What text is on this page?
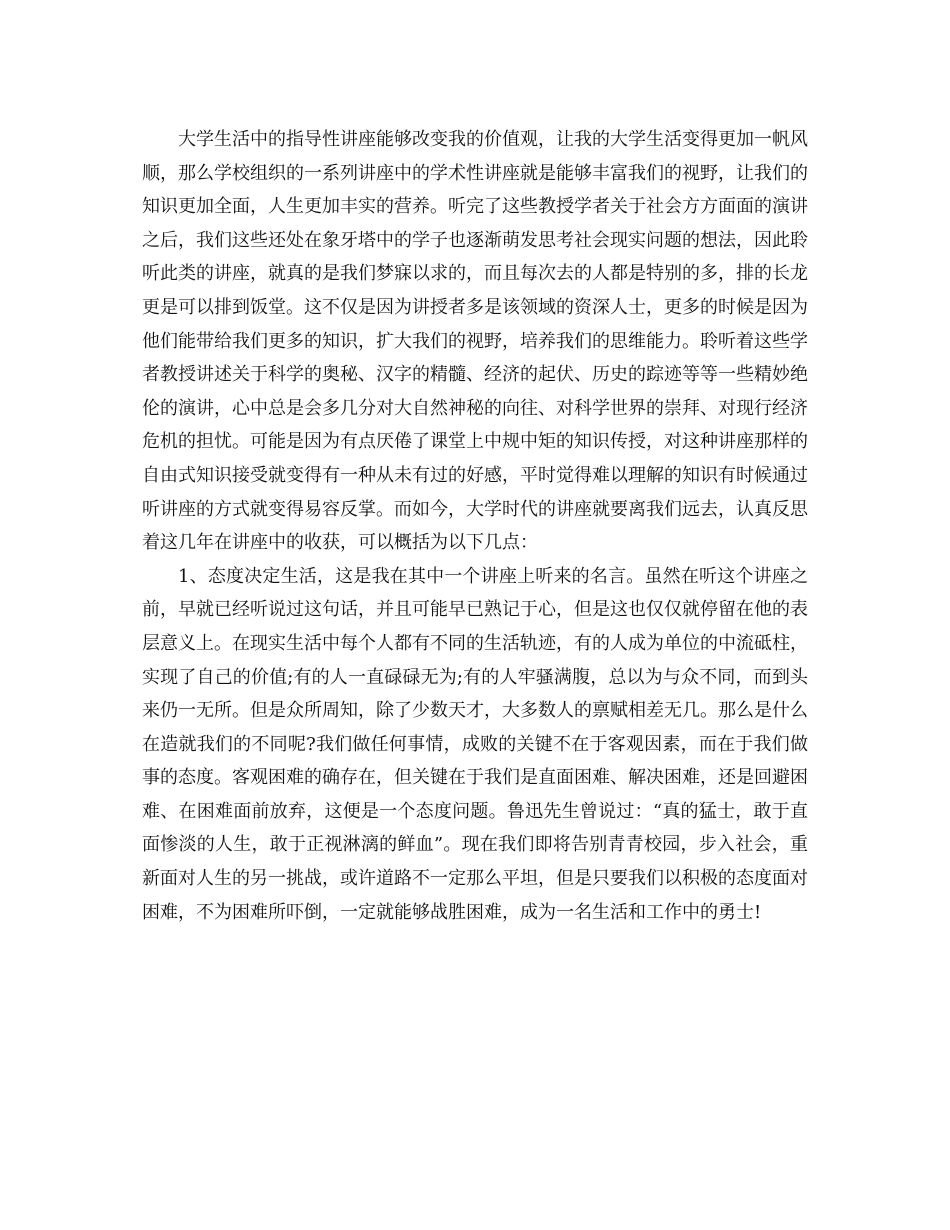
大学生活中的指导性讲座能够改变我的价值观，让我的大学生活变得更加一帆风顺，那么学校组织的一系列讲座中的学术性讲座就是能够丰富我们的视野，让我们的知识更加全面，人生更加丰实的营养。听完了这些教授学者关于社会方方面面的演讲之后，我们这些还处在象牙塔中的学子也逐渐萌发思考社会现实问题的想法，因此聆听此类的讲座，就真的是我们梦寐以求的，而且每次去的人都是特别的多，排的长龙更是可以排到饭堂。这不仅是因为讲授者多是该领域的资深人士，更多的时候是因为他们能带给我们更多的知识，扩大我们的视野，培养我们的思维能力。聆听着这些学者教授讲述关于科学的奥秘、汉字的精髓、经济的起伏、历史的踪迹等等一些精妙绝伦的演讲，心中总是会多几分对大自然神秘的向往、对科学世界的崇拜、对现行经济危机的担忧。可能是因为有点厌倦了课堂上中规中矩的知识传授，对这种讲座那样的自由式知识接受就变得有一种从未有过的好感，平时觉得难以理解的知识有时候通过听讲座的方式就变得易容反掌。而如今，大学时代的讲座就要离我们远去，认真反思着这几年在讲座中的收获，可以概括为以下几点：

1、态度决定生活，这是我在其中一个讲座上听来的名言。虽然在听这个讲座之前，早就已经听说过这句话，并且可能早已熟记于心，但是这也仅仅就停留在他的表层意义上。在现实生活中每个人都有不同的生活轨迹，有的人成为单位的中流砥柱，实现了自己的价值;有的人一直碌碌无为;有的人牢骚满腹，总以为与众不同，而到头来仍一无所。但是众所周知，除了少数天才，大多数人的禀赋相差无几。那么是什么在造就我们的不同呢?我们做任何事情，成败的关键不在于客观因素，而在于我们做事的态度。客观困难的确存在，但关键在于我们是直面困难、解决困难，还是回避困难、在困难面前放弃，这便是一个态度问题。鲁迅先生曾说过：“真的猛士，敢于直面惨淡的人生，敢于正视淋漓的鲜血”。现在我们即将告别青青校园，步入社会，重新面对人生的另一挑战，或许道路不一定那么平坦，但是只要我们以积极的态度面对困难，不为困难所吓倒，一定就能够战胜困难，成为一名生活和工作中的勇士!
